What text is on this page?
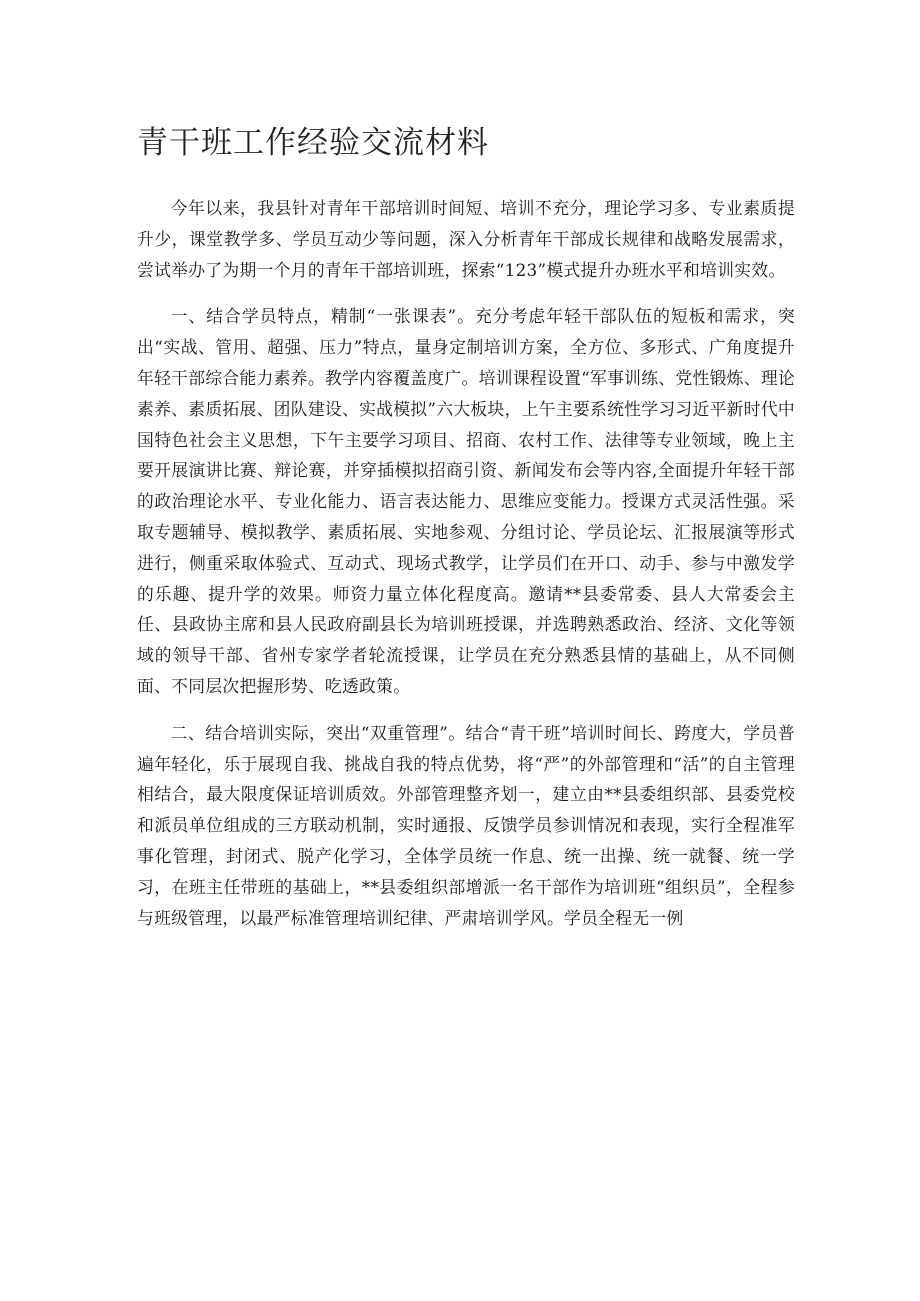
青干班工作经验交流材料

今年以来，我县针对青年干部培训时间短、培训不充分，理论学习多、专业素质提升少，课堂教学多、学员互动少等问题，深入分析青年干部成长规律和战略发展需求，尝试举办了为期一个月的青年干部培训班，探索“123”模式提升办班水平和培训实效。

一、结合学员特点，精制“一张课表”。充分考虑年轻干部队伍的短板和需求，突出“实战、管用、超强、压力”特点，量身定制培训方案，全方位、多形式、广角度提升年轻干部综合能力素养。教学内容覆盖度广。培训课程设置“军事训练、党性锻炼、理论素养、素质拓展、团队建设、实战模拟”六大板块，上午主要系统性学习习近平新时代中国特色社会主义思想，下午主要学习项目、招商、农村工作、法律等专业领域，晚上主要开展演讲比赛、辩论赛，并穿插模拟招商引资、新闻发布会等内容,全面提升年轻干部的政治理论水平、专业化能力、语言表达能力、思维应变能力。授课方式灵活性强。采取专题辅导、模拟教学、素质拓展、实地参观、分组讨论、学员论坛、汇报展演等形式进行，侧重采取体验式、互动式、现场式教学，让学员们在开口、动手、参与中激发学的乐趣、提升学的效果。师资力量立体化程度高。邀请**县委常委、县人大常委会主任、县政协主席和县人民政府副县长为培训班授课，并选聘熟悉政治、经济、文化等领域的领导干部、省州专家学者轮流授课，让学员在充分熟悉县情的基础上，从不同侧面、不同层次把握形势、吃透政策。

二、结合培训实际，突出“双重管理”。结合“青干班”培训时间长、跨度大，学员普遍年轻化，乐于展现自我、挑战自我的特点优势，将“严”的外部管理和“活”的自主管理相结合，最大限度保证培训质效。外部管理整齐划一，建立由**县委组织部、县委党校和派员单位组成的三方联动机制，实时通报、反馈学员参训情况和表现，实行全程准军事化管理，封闭式、脱产化学习，全体学员统一作息、统一出操、统一就餐、统一学习，在班主任带班的基础上，**县委组织部增派一名干部作为培训班“组织员”，全程参与班级管理，以最严标准管理培训纪律、严肃培训学风。学员全程无一例
